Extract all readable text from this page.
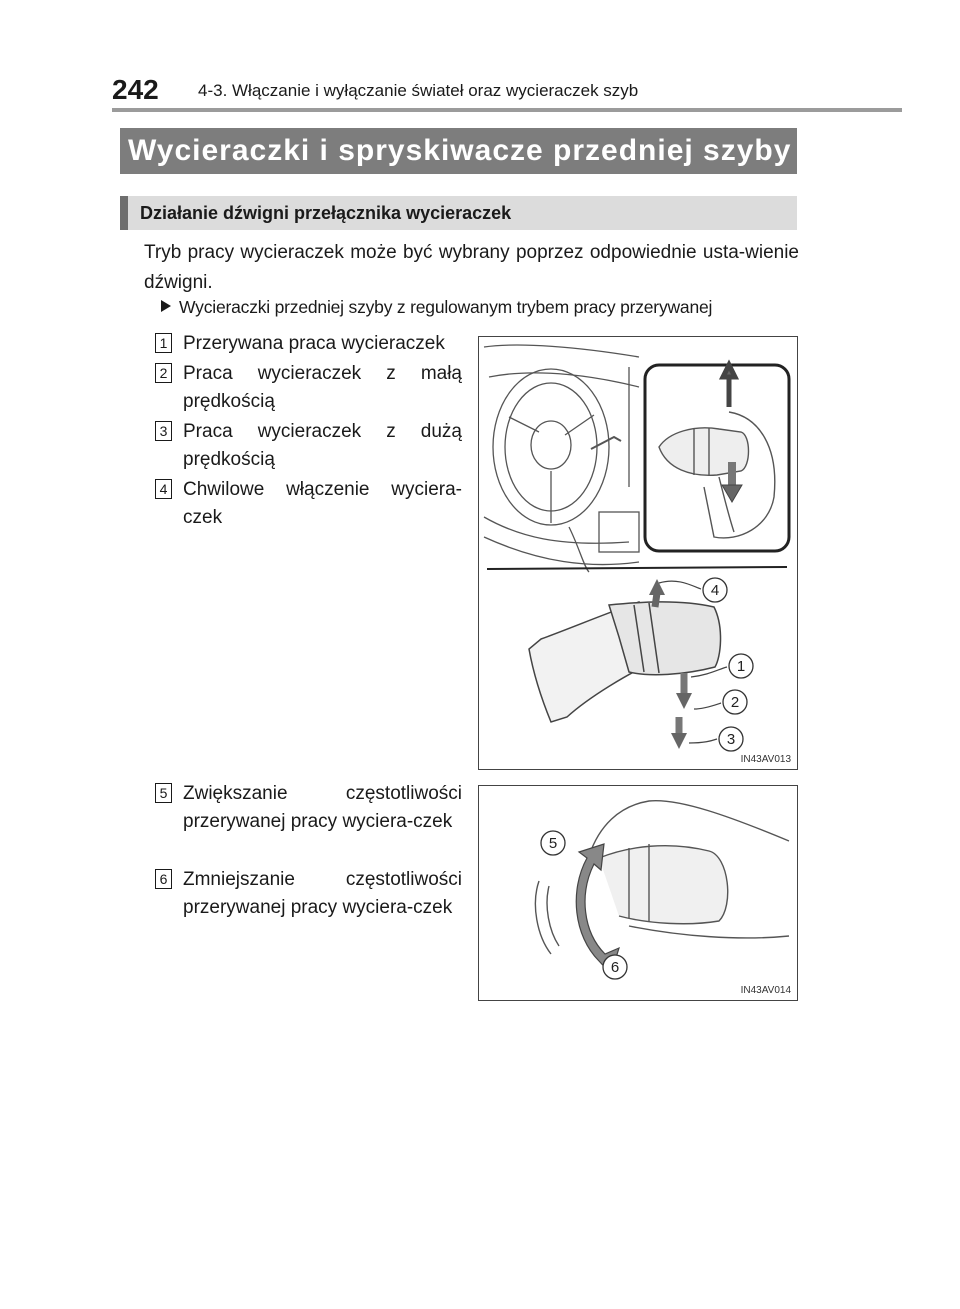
242 4-3. Włączanie i wyłączanie świateł oraz wycieraczek szyb
Wycieraczki i spryskiwacze przedniej szyby
Działanie dźwigni przełącznika wycieraczek

Tryb pracy wycieraczek może być wybrany poprzez odpowiednie usta-wienie dźwigni.

Wycieraczki przedniej szyby z regulowanym trybem pracy przerywanej
1 Przerywana praca wycieraczek
2 Praca wycieraczek z małą prędkością
3 Praca wycieraczek z dużą prędkością
4 Chwilowe włączenie wyciera-czek
5 Zwiększanie częstotliwości przerywanej pracy wyciera-czek
6 Zmniejszanie częstotliwości przerywanej pracy wyciera-czek
4
1
2
3
IN43AV013
5
6
IN43AV014
